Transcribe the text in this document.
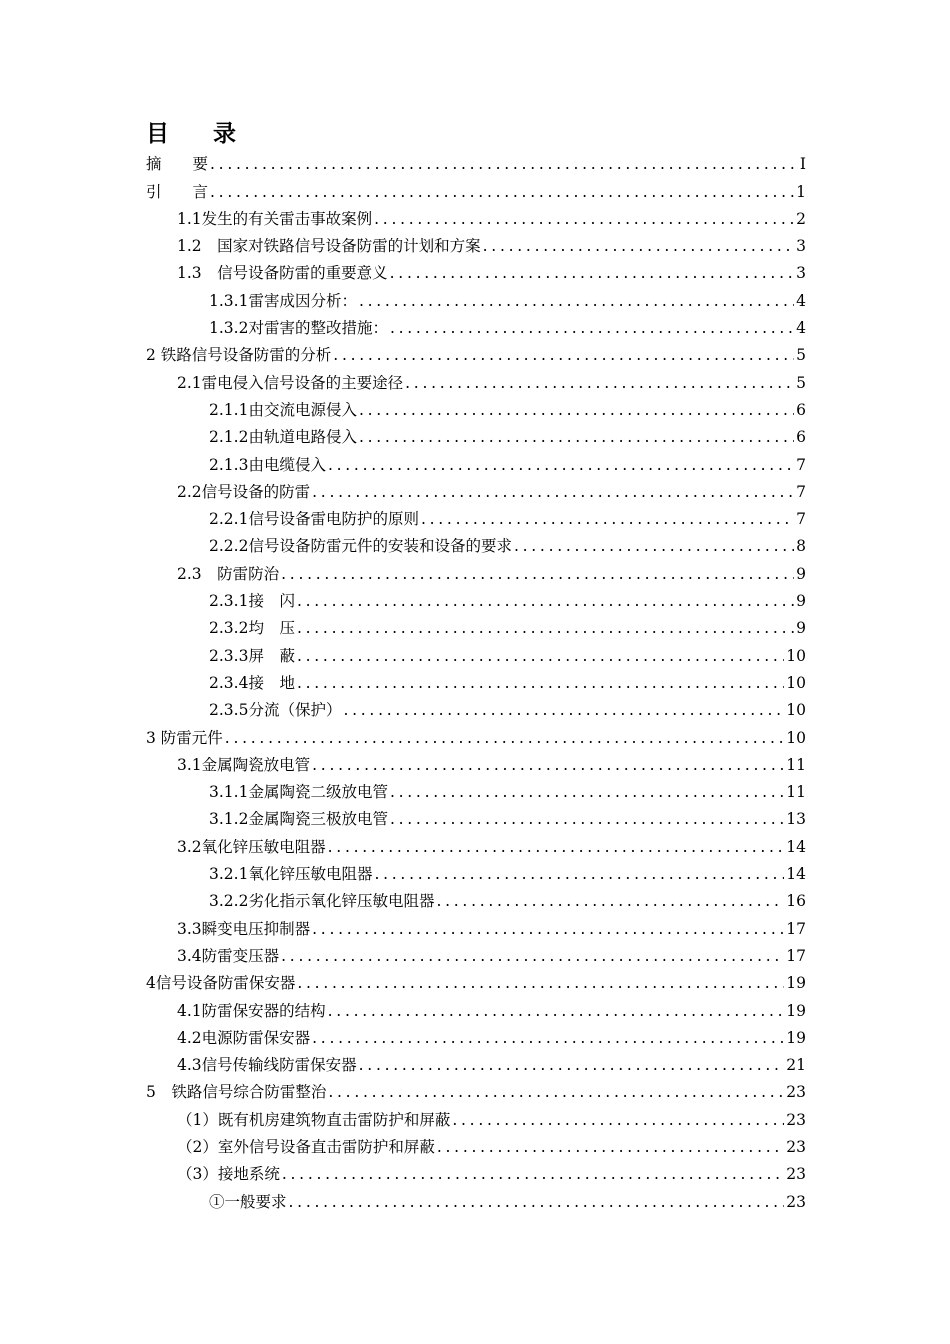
目 录
摘　　要 . . .	I
引　　言 . . .	1
1.1发生的有关雷击事故案例 . . .	2
1.2　国家对铁路信号设备防雷的计划和方案 . . .	3
1.3　信号设备防雷的重要意义 . . .	3
1.3.1雷害成因分析： . . .	4
1.3.2对雷害的整改措施： . . .	4
2 铁路信号设备防雷的分析 . . .	5
2.1雷电侵入信号设备的主要途径 . . .	5
2.1.1由交流电源侵入 . . .	6
2.1.2由轨道电路侵入 . . .	6
2.1.3由电缆侵入 . . .	7
2.2信号设备的防雷 . . .	7
2.2.1信号设备雷电防护的原则 . . .	7
2.2.2信号设备防雷元件的安装和设备的要求 . . .	8
2.3　防雷防治 . . .	9
2.3.1接　闪 . . .	9
2.3.2均　压 . . .	9
2.3.3屏　蔽 . . .	10
2.3.4接　地 . . .	10
2.3.5分流（保护） . . .	10
3 防雷元件 . . .	10
3.1金属陶瓷放电管 . . .	11
3.1.1金属陶瓷二级放电管 . . .	11
3.1.2金属陶瓷三极放电管 . . .	13
3.2氧化锌压敏电阻器 . . .	14
3.2.1氧化锌压敏电阻器 . . .	14
3.2.2劣化指示氧化锌压敏电阻器 . . .	16
3.3瞬变电压抑制器 . . .	17
3.4防雷变压器 . . .	17
4信号设备防雷保安器 . . .	19
4.1防雷保安器的结构 . . .	19
4.2电源防雷保安器 . . .	19
4.3信号传输线防雷保安器 . . .	21
5　铁路信号综合防雷整治 . . .	23
（1）既有机房建筑物直击雷防护和屏蔽 . . .	23
（2）室外信号设备直击雷防护和屏蔽 . . .	23
（3）接地系统 . . .	23
①一般要求 . . .	23
